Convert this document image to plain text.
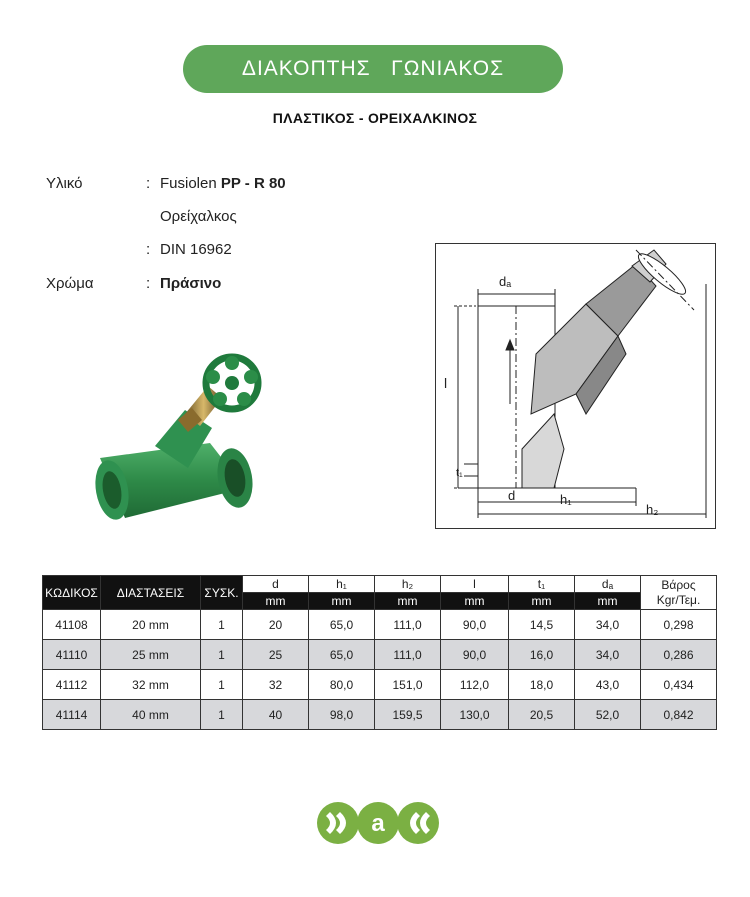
ΔΙΑΚΟΠΤΗΣ   ΓΩΝΙΑΚΟΣ
ΠΛΑΣΤΙΚΟΣ - ΟΡΕΙΧΑΛΚΙΝΟΣ
Υλικό	: Fusiolen PP - R 80
Ορείχαλκος
: DIN 16962
Χρώμα	: Πράσινο	dₐ
l
t₁
d	h₁
h₂
ΚΩΔΙΚΟΣ	ΔΙΑΣΤΑΣΕΙΣ	ΣΥΣΚ.	d	h₁	h₂	l	t₁	dₐ	Βάρος
Kgr/Τεμ.
			mm	mm	mm	mm	mm	mm	
41108	20 mm	1	20	65,0	111,0	90,0	14,5	34,0	0,298
41110	25 mm	1	25	65,0	111,0	90,0	16,0	34,0	0,286
41112	32 mm	1	32	80,0	151,0	112,0	18,0	43,0	0,434
41114	40 mm	1	40	98,0	159,5	130,0	20,5	52,0	0,842
a
